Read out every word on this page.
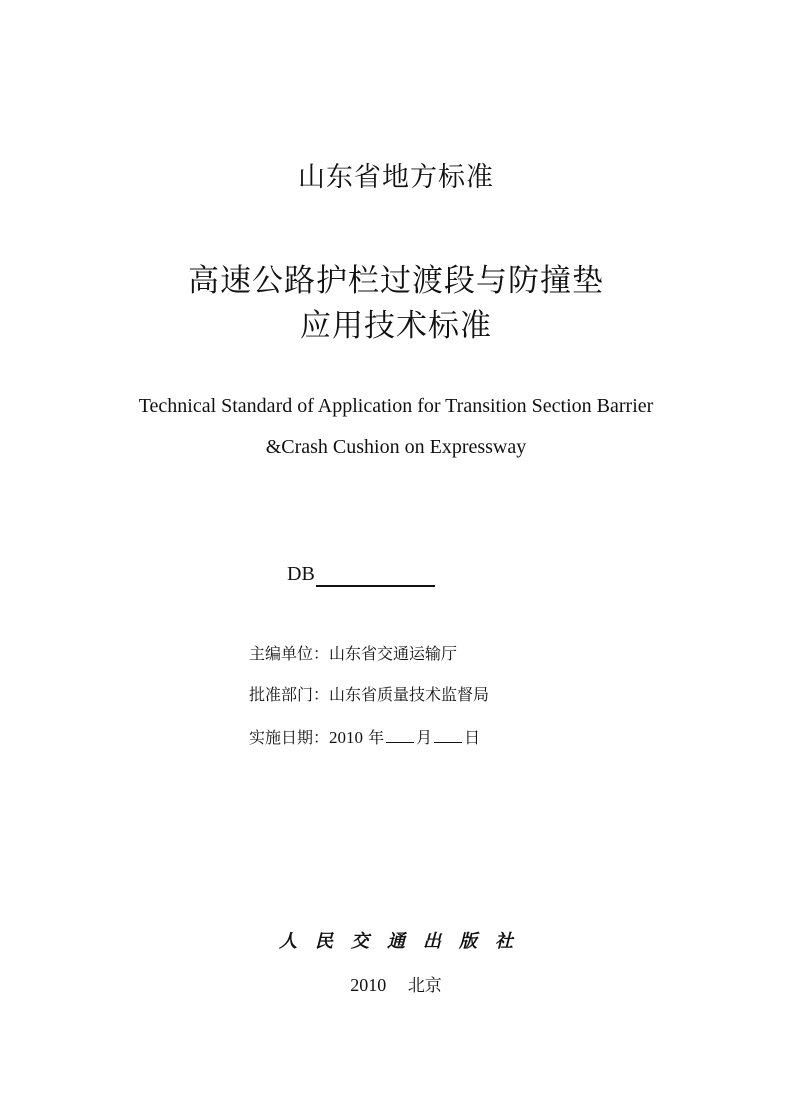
山东省地方标准
高速公路护栏过渡段与防撞垫
应用技术标准
Technical Standard of Application for Transition Section Barrier
&Crash Cushion on Expressway
DB
主编单位：山东省交通运输厅
批准部门：山东省质量技术监督局
实施日期：2010 年 月 日
人 民 交 通 出 版 社
2010 北京
